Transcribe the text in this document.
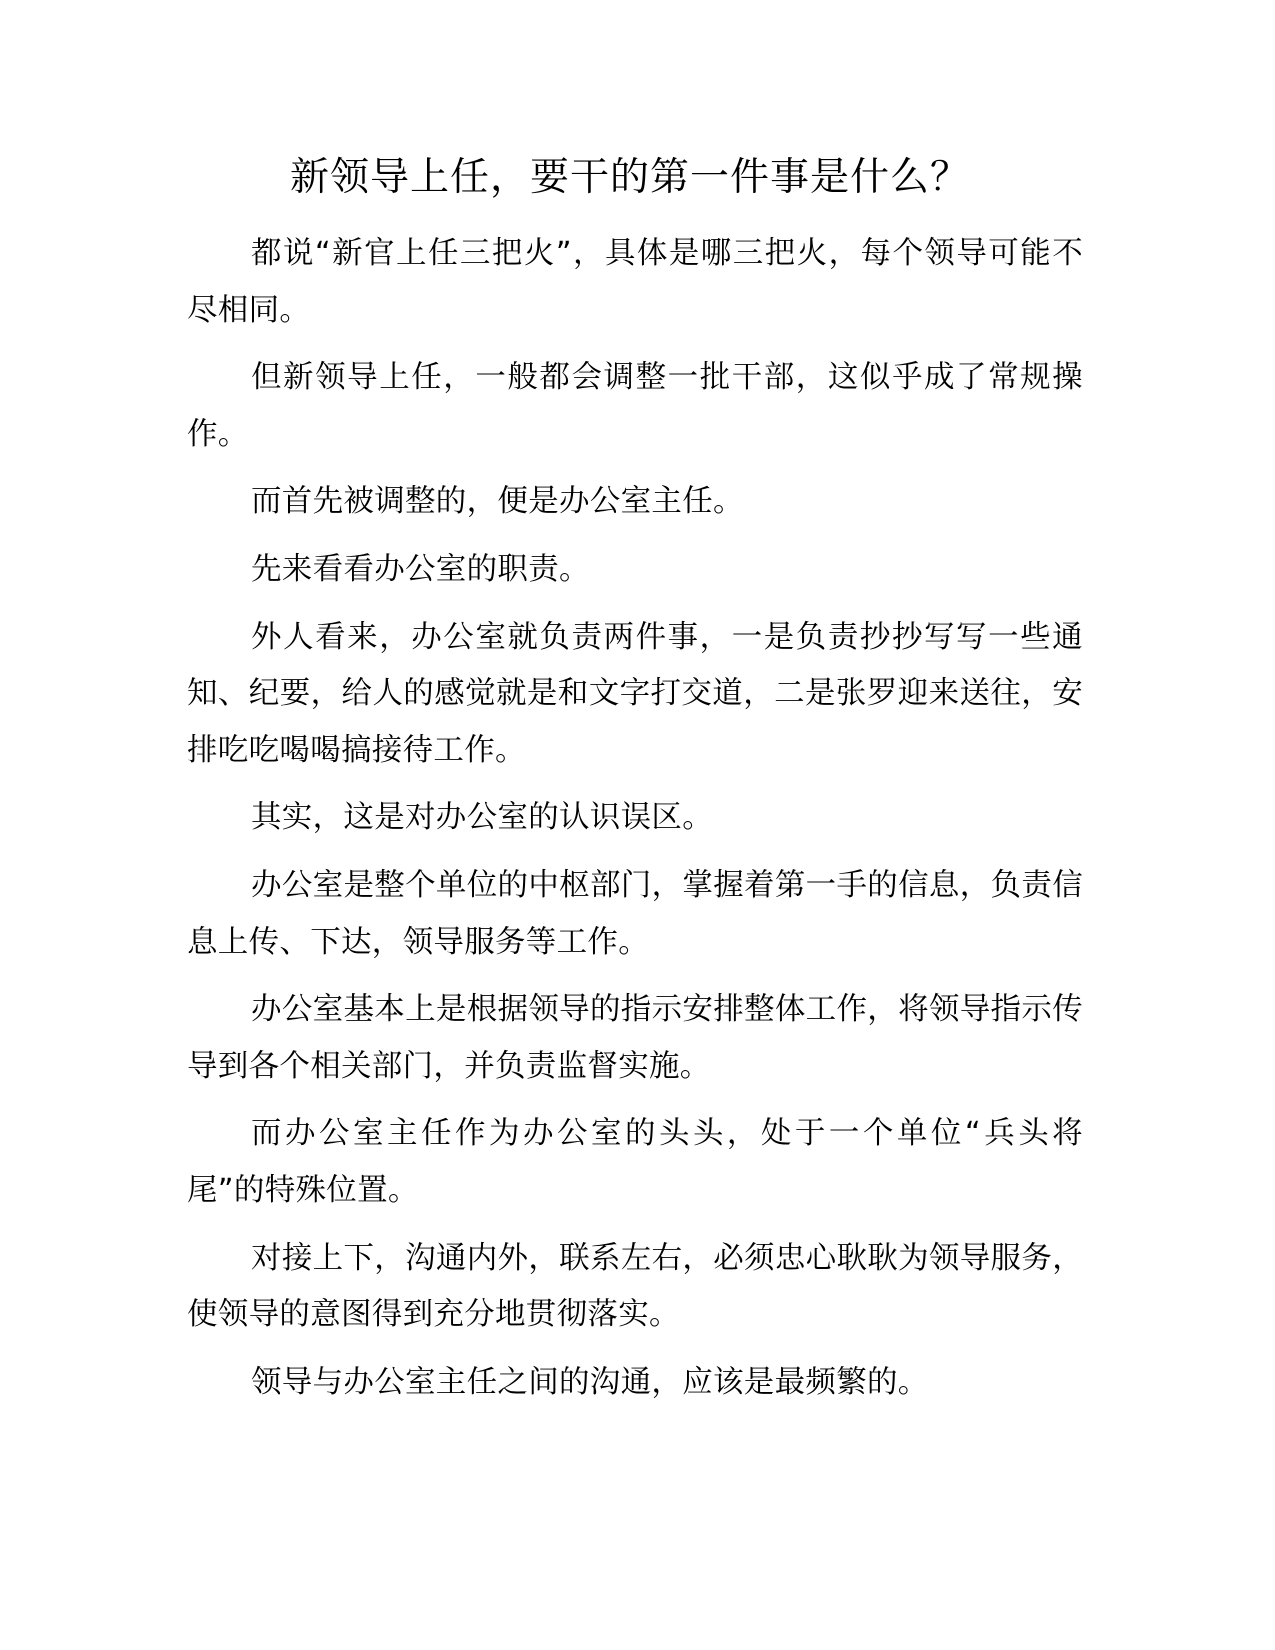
新领导上任，要干的第一件事是什么？

都说“新官上任三把火”，具体是哪三把火，每个领导可能不尽相同。

但新领导上任，一般都会调整一批干部，这似乎成了常规操作。

而首先被调整的，便是办公室主任。

先来看看办公室的职责。

外人看来，办公室就负责两件事，一是负责抄抄写写一些通知、纪要，给人的感觉就是和文字打交道，二是张罗迎来送往，安排吃吃喝喝搞接待工作。

其实，这是对办公室的认识误区。

办公室是整个单位的中枢部门，掌握着第一手的信息，负责信息上传、下达，领导服务等工作。

办公室基本上是根据领导的指示安排整体工作，将领导指示传导到各个相关部门，并负责监督实施。

而办公室主任作为办公室的头头，处于一个单位“兵头将尾”的特殊位置。

对接上下，沟通内外，联系左右，必须忠心耿耿为领导服务，使领导的意图得到充分地贯彻落实。

领导与办公室主任之间的沟通，应该是最频繁的。
